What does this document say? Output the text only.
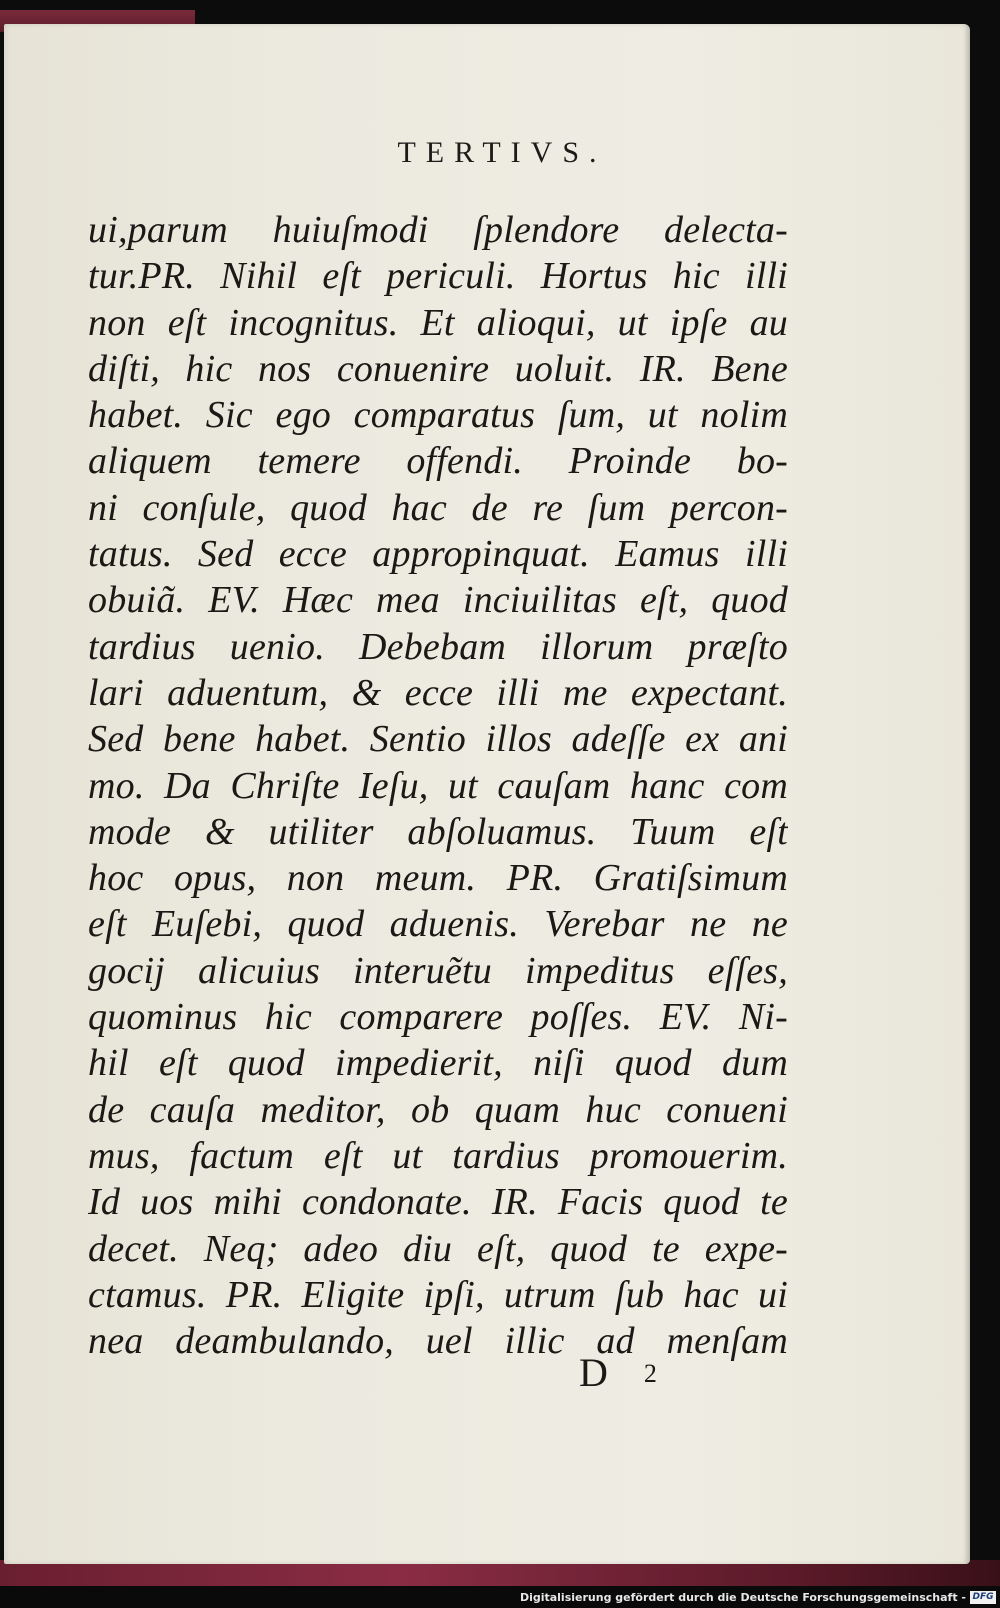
TERTIVS.
ui,parum huiuſmodi ſplendore delecta-
tur.PR. Nihil eſt periculi. Hortus hic illi
non eſt incognitus. Et alioqui, ut ipſe au
diſti, hic nos conuenire uoluit. IR. Bene
habet. Sic ego comparatus ſum, ut nolim
aliquem temere offendi. Proinde bo-
ni conſule, quod hac de re ſum percon-
tatus. Sed ecce appropinquat. Eamus illi
obuiã. EV. Hæc mea inciuilitas eſt, quod
tardius uenio. Debebam illorum præſto
lari aduentum, & ecce illi me expectant.
Sed bene habet. Sentio illos adeſſe ex ani
mo. Da Chriſte Ieſu, ut cauſam hanc com
mode & utiliter abſoluamus. Tuum eſt
hoc opus, non meum. PR. Gratiſsimum
eſt Euſebi, quod aduenis. Verebar ne ne
gocij alicuius interuẽtu impeditus eſſes,
quominus hic comparere poſſes. EV. Ni-
hil eſt quod impedierit, niſi quod dum
de cauſa meditor, ob quam huc conueni
mus, factum eſt ut tardius promouerim.
Id uos mihi condonate. IR. Facis quod te
decet. Neq; adeo diu eſt, quod te expe-
ctamus. PR. Eligite ipſi, utrum ſub hac ui
nea deambulando, uel illic ad menſam
D 2
Digitalisierung gefördert durch die Deutsche Forschungsgemeinschaft - DFG
